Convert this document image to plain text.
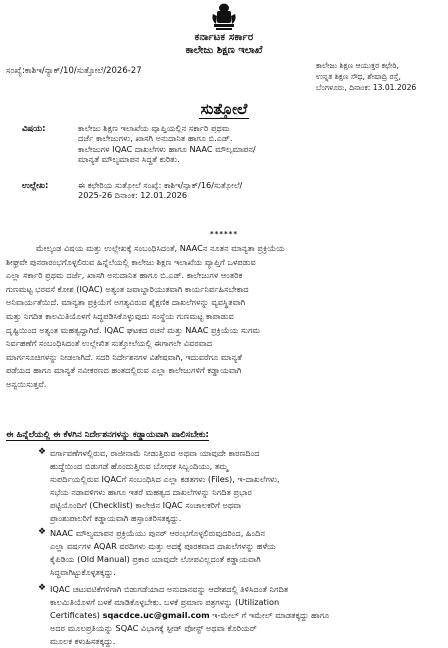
ಕರ್ನಾಟಕ ಸರ್ಕಾರ
ಕಾಲೇಜು ಶಿಕ್ಷಣ ಇಲಾಖೆ
ಸಂಖ್ಯೆ:ಕಾಶಿಇ/ನ್ಯಾಕ್/10/ಸುತ್ತೋಲೆ/2026-27
ಕಾಲೇಜು ಶಿಕ್ಷಣ ಆಯುಕ್ತರ ಕಛೇರಿ,
ಉನ್ನತ ಶಿಕ್ಷಣ ಸೌಧ, ಶೇಷಾದ್ರಿ ರಸ್ತೆ,
ಬೆಂಗಳೂರು, ದಿನಾಂಕ: 13.01.2026
ಸುತ್ತೋಲೆ
ವಿಷಯ:	ಕಾಲೇಜು ಶಿಕ್ಷಣ ಇಲಾಖೆಯ ವ್ಯಾಪ್ತಿಯಲ್ಲಿನ ಸರ್ಕಾರಿ ಪ್ರಥಮ
ದರ್ಜೆ ಕಾಲೇಜುಗಳು, ಖಾಸಗಿ ಅನುದಾನಿತ ಹಾಗೂ ಬಿ.ಎಡ್.
ಕಾಲೇಜುಗಳ IQAC ದಾಖಲೆಗಳು ಹಾಗೂ NAAC ಮೌಲ್ಯಮಾಪನ/
ಮಾನ್ಯತೆ ಮೌಲ್ಯಮಾಪನ ಸಿದ್ಧತೆ ಕುರಿತು.
ಉಲ್ಲೇಖ:	ಈ ಕಛೇರಿಯ ಸುತ್ತೋಲೆ ಸಂಖ್ಯೆ: ಕಾಶಿಇ/ನ್ಯಾಕ್/16/ಸುತ್ತೋಲೆ/
2025-26 ದಿನಾಂಕ: 12.01.2026
******
ಮೇಲ್ಕಂಡ ವಿಷಯ ಮತ್ತು ಉಲ್ಲೇಖಕ್ಕೆ ಸಂಬಂಧಿಸಿದಂತೆ, NAACನ ನೂತನ ಮಾನ್ಯತಾ ಪ್ರಕ್ರಿಯೆಯ
ಶೀಘ್ರವೇ ಪುನರಾರಂಭಗೊಳ್ಳಲಿರುವ ಹಿನ್ನೆಲೆಯಲ್ಲಿ ಕಾಲೇಜು ಶಿಕ್ಷಣ ಇಲಾಖೆಯ ವ್ಯಾಪ್ತಿಗೆ ಒಳಪಡುವ
ಎಲ್ಲಾ ಸರ್ಕಾರಿ ಪ್ರಥಮ ದರ್ಜೆ, ಖಾಸಗಿ ಅನುದಾನಿತ ಹಾಗೂ ಬಿ.ಎಡ್. ಕಾಲೇಜುಗಳ ಆಂತರಿಕ
ಗುಣಮಟ್ಟ ಭರವಸೆ ಕೋಶ (IQAC) ಅತ್ಯಂತ ಜವಾಬ್ದಾರಿಯುತವಾಗಿ ಕಾರ್ಯನಿರ್ವಹಿಸಬೇಕಾದ
ಅನಿವಾರ್ಯತೆಯಿದೆ. ಮಾನ್ಯತಾ ಪ್ರಕ್ರಿಯೆಗೆ ಅಗತ್ಯವಿರುವ ಶೈಕ್ಷಣಿಕ ದಾಖಲೆಗಳನ್ನು ವ್ಯವಸ್ಥಿತವಾಗಿ
ಮತ್ತು ನಿಗದಿತ ಕಾಲಮಿತಿಯೊಳಗೆ ಸಿದ್ಧಪಡಿಸಿಕೊಳ್ಳುವುದು ಸಂಸ್ಥೆಯ ಗುಣಮಟ್ಟ ಕಾಪಾಡುವ
ದೃಷ್ಟಿಯಿಂದ ಅತ್ಯಂತ ಮಹತ್ವದ್ದಾಗಿದೆ. IQAC ಘಟಕದ ರಚನೆ ಮತ್ತು NAAC ಪ್ರಕ್ರಿಯೆಯ ಸುಗಮ
ನಿರ್ವಹಣೆಗೆ ಸಂಬಂಧಿಸಿದಂತೆ ಉಲ್ಲೇಖಿತ ಸುತ್ತೋಲೆಯಲ್ಲಿ ಈಗಾಗಲೇ ವಿವರವಾದ
ಮಾರ್ಗಸೂಚಿಗಳನ್ನು ನೀಡಲಾಗಿದೆ. ಸದರಿ ನಿರ್ದೇಶನಗಳ ವಿಶೇಷವಾಗಿ, ಇದುವರೆಗೂ ಮಾನ್ಯತೆ
ಪಡೆಯದ ಹಾಗೂ ಮಾನ್ಯತೆ ನವೀಕರಣದ ಹಂತದಲ್ಲಿರುವ ಎಲ್ಲಾ ಕಾಲೇಜುಗಳಿಗೆ ಕಡ್ಡಾಯವಾಗಿ
ಅನ್ವಯಿಸುತ್ತವೆ.
ಈ ಹಿನ್ನೆಲೆಯಲ್ಲಿ ಈ ಕೆಳಗಿನ ನಿರ್ದೇಶನಗಳನ್ನು ಕಡ್ಡಾಯವಾಗಿ ಪಾಲಿಸಬೇಕು:
❖ ವರ್ಗಾವಣೆಗಳಲ್ಲಿರುವ, ರಾಜೀನಾಮೆ ನೀಡುತ್ತಿರುವ ಅಥವಾ ಯಾವುದೇ ಕಾರಣದಿಂದ
ಹುದ್ದೆಯಿಂದ ಬಿಡುಗಡೆ ಹೊಂದುತ್ತಿರುವ ಬೋಧಕ ಸಿಬ್ಬಂದಿಯು, ತಮ್ಮ
ಸುಪರ್ದಿಯಲ್ಲಿರುವ IQACಗೆ ಸಂಬಂಧಿಸಿದ ಎಲ್ಲಾ ಕಡತಗಳು (Files), ಇ-ದಾಖಲೆಗಳು,
ಸಭೆಯ ನಡಾವಳಿಗಳು ಹಾಗೂ ಇತರೆ ಮಹತ್ವದ ದಾಖಲೆಗಳನ್ನು ನಿಗದಿತ ಪ್ರಭಾರ
ಪಟ್ಟಿಯೊಂದಿಗೆ (Checklist) ಕಾಲೇಜಿನ IQAC ಸಂಚಾಲಕರಿಗೆ ಅಥವಾ
ಪ್ರಾಂಶುಪಾಲರಿಗೆ ಕಡ್ಡಾಯವಾಗಿ ಹಸ್ತಾಂತರಿಸತಕ್ಕದ್ದು.
❖ NAAC ಮೌಲ್ಯಮಾಪನ ಪ್ರಕ್ರಿಯೆಯು ಪುನರ್ ಆರಂಭಗೊಳ್ಳಲಿರುವುದರಿಂದ, ಹಿಂದಿನ
ಎಲ್ಲಾ ವರ್ಷಗಳ AQAR ವರದಿಗಳು ಮತ್ತು ಅದಕ್ಕೆ ಪೂರಕವಾದ ದಾಖಲೆಗಳನ್ನು ಹಳೆಯ
ಕೈಪಿಡಿಯ (Old Manual) ಪ್ರಕಾರ ಯಾವುದೇ ಲೋಪವಿಲ್ಲದಂತೆ ಕಡ್ಡಾಯವಾಗಿ
ಸಿದ್ಧವಾಗಿಟ್ಟುಕೊಳ್ಳತಕ್ಕದ್ದು.
❖ IQAC ಚಟುವಟಿಕೆಗಳಿಗಾಗಿ ಬಿಡುಗಡೆಯಾದ ಅನುದಾನವನ್ನು ಆದೇಶದಲ್ಲಿ ತಿಳಿಸಿದಂತೆ ನಿಗದಿತ
ಕಾಲಮಿತಿಯೊಳಗೆ ಬಳಕೆ ಮಾಡಿಕೊಳ್ಳಬೇಕು. ಬಳಕೆ ಪ್ರಮಾಣ ಪತ್ರಗಳನ್ನು (Utilization
Certificates) sqacdce.uc@gmail.com ಇ-ಮೇಲ್ ಗೆ ಇಮೇಲ್ ಮಾಡತಕ್ಕದ್ದು ಹಾಗೂ
ಅದರ ಮೂಲಪ್ರತಿಯನ್ನು SQAC ವಿಭಾಗಕ್ಕೆ ಸ್ಪೀಡ್ ಪೋಸ್ಟ್ ಅಥವಾ ಕೊರಿಯರ್
ಮೂಲಕ ಕಳುಹಿಸತಕ್ಕದ್ದು.
